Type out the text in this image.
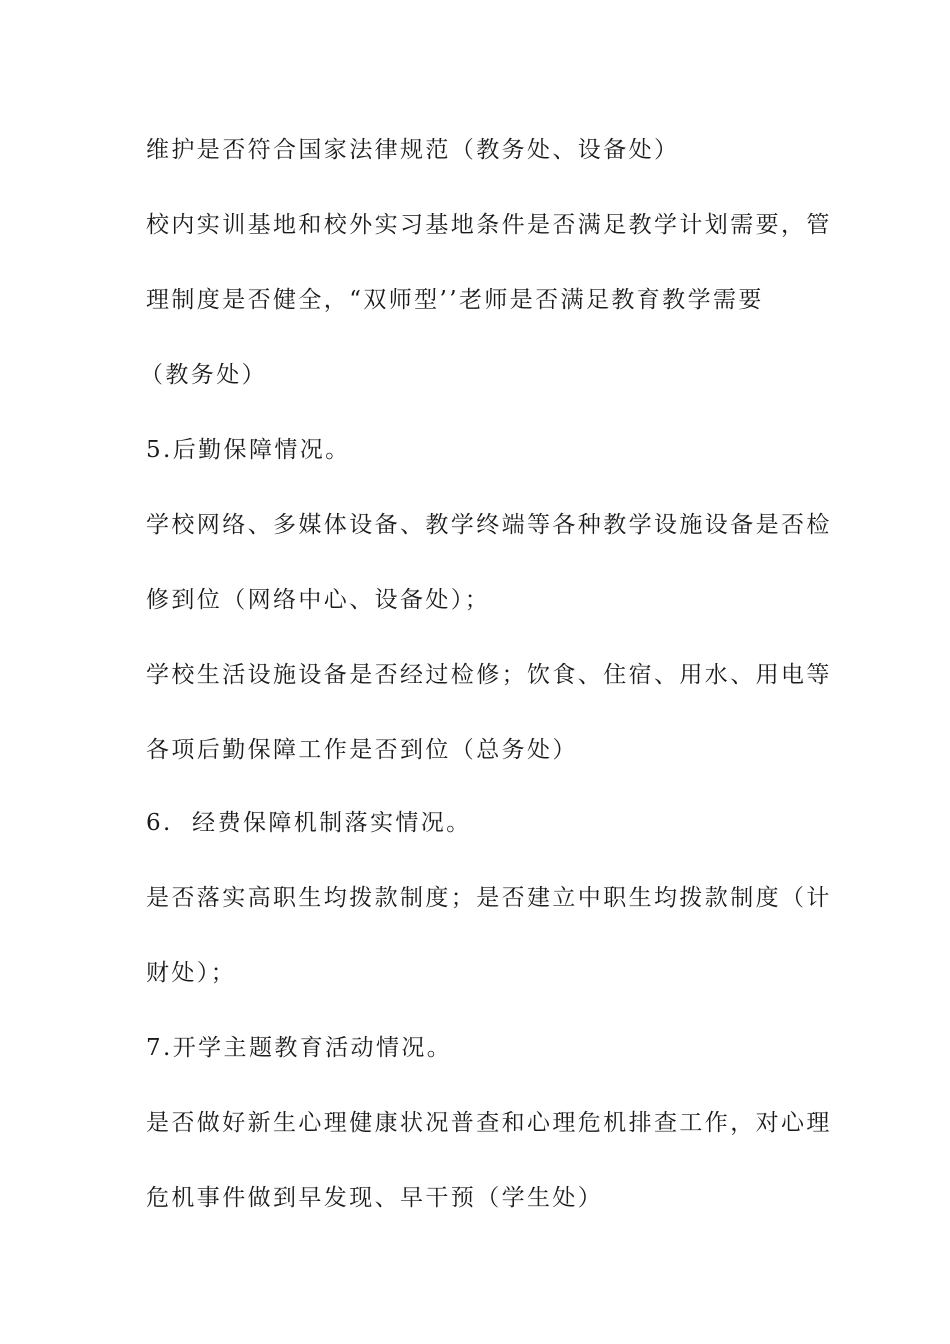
维护是否符合国家法律规范（教务处、设备处）
校内实训基地和校外实习基地条件是否满足教学计划需要，管
理制度是否健全，“双师型’’老师是否满足教育教学需要
（教务处）
5.后勤保障情况。
学校网络、多媒体设备、教学终端等各种教学设施设备是否检
修到位（网络中心、设备处）；
学校生活设施设备是否经过检修；饮食、住宿、用水、用电等
各项后勤保障工作是否到位（总务处）
6.  经费保障机制落实情况。
是否落实高职生均拨款制度；是否建立中职生均拨款制度（计
财处）；
7.开学主题教育活动情况。
是否做好新生心理健康状况普查和心理危机排查工作，对心理
危机事件做到早发现、早干预（学生处）
